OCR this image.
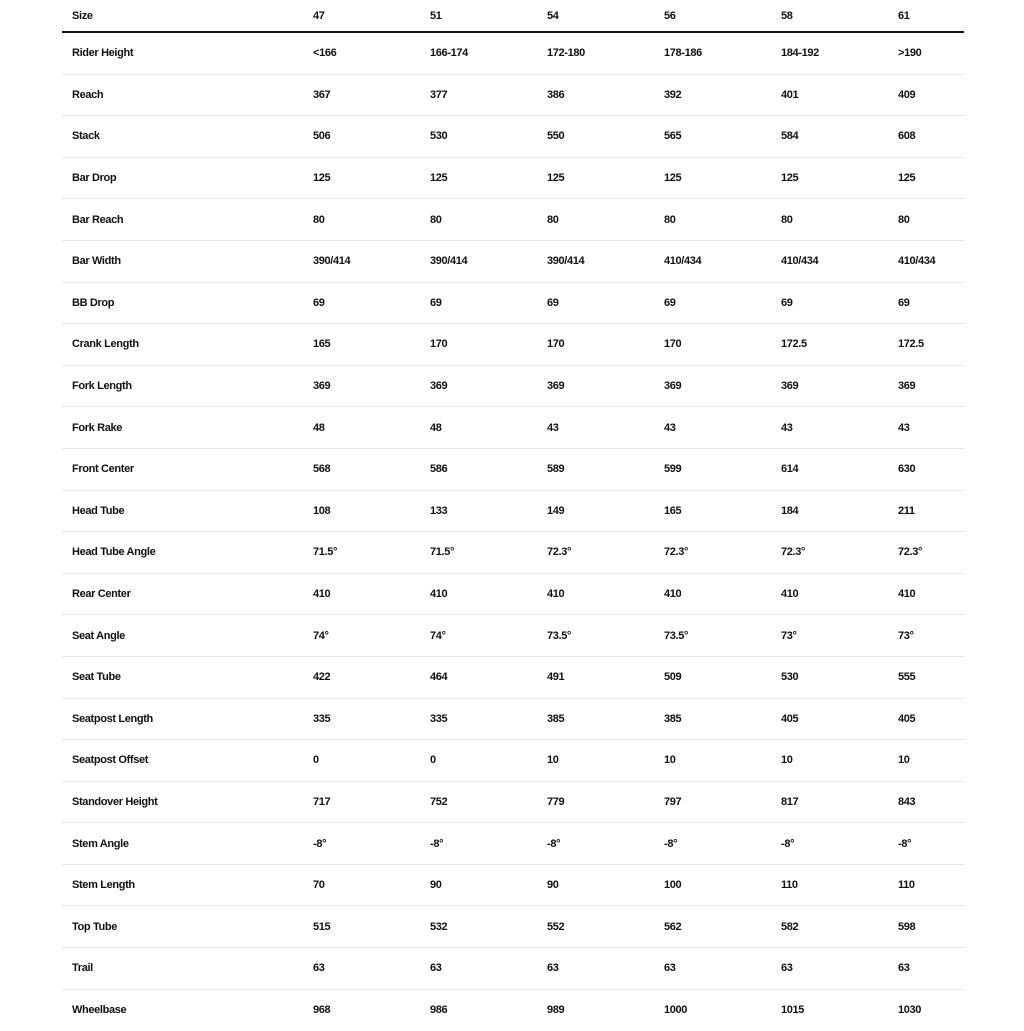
Size	47	51	54	56	58	61
Rider Height	<166	166-174	172-180	178-186	184-192	>190
Reach	367	377	386	392	401	409
Stack	506	530	550	565	584	608
Bar Drop	125	125	125	125	125	125
Bar Reach	80	80	80	80	80	80
Bar Width	390/414	390/414	390/414	410/434	410/434	410/434
BB Drop	69	69	69	69	69	69
Crank Length	165	170	170	170	172.5	172.5
Fork Length	369	369	369	369	369	369
Fork Rake	48	48	43	43	43	43
Front Center	568	586	589	599	614	630
Head Tube	108	133	149	165	184	211
Head Tube Angle	71.5°	71.5°	72.3°	72.3°	72.3°	72.3°
Rear Center	410	410	410	410	410	410
Seat Angle	74°	74°	73.5°	73.5°	73°	73°
Seat Tube	422	464	491	509	530	555
Seatpost Length	335	335	385	385	405	405
Seatpost Offset	0	0	10	10	10	10
Standover Height	717	752	779	797	817	843
Stem Angle	-8°	-8°	-8°	-8°	-8°	-8°
Stem Length	70	90	90	100	110	110
Top Tube	515	532	552	562	582	598
Trail	63	63	63	63	63	63
Wheelbase	968	986	989	1000	1015	1030
